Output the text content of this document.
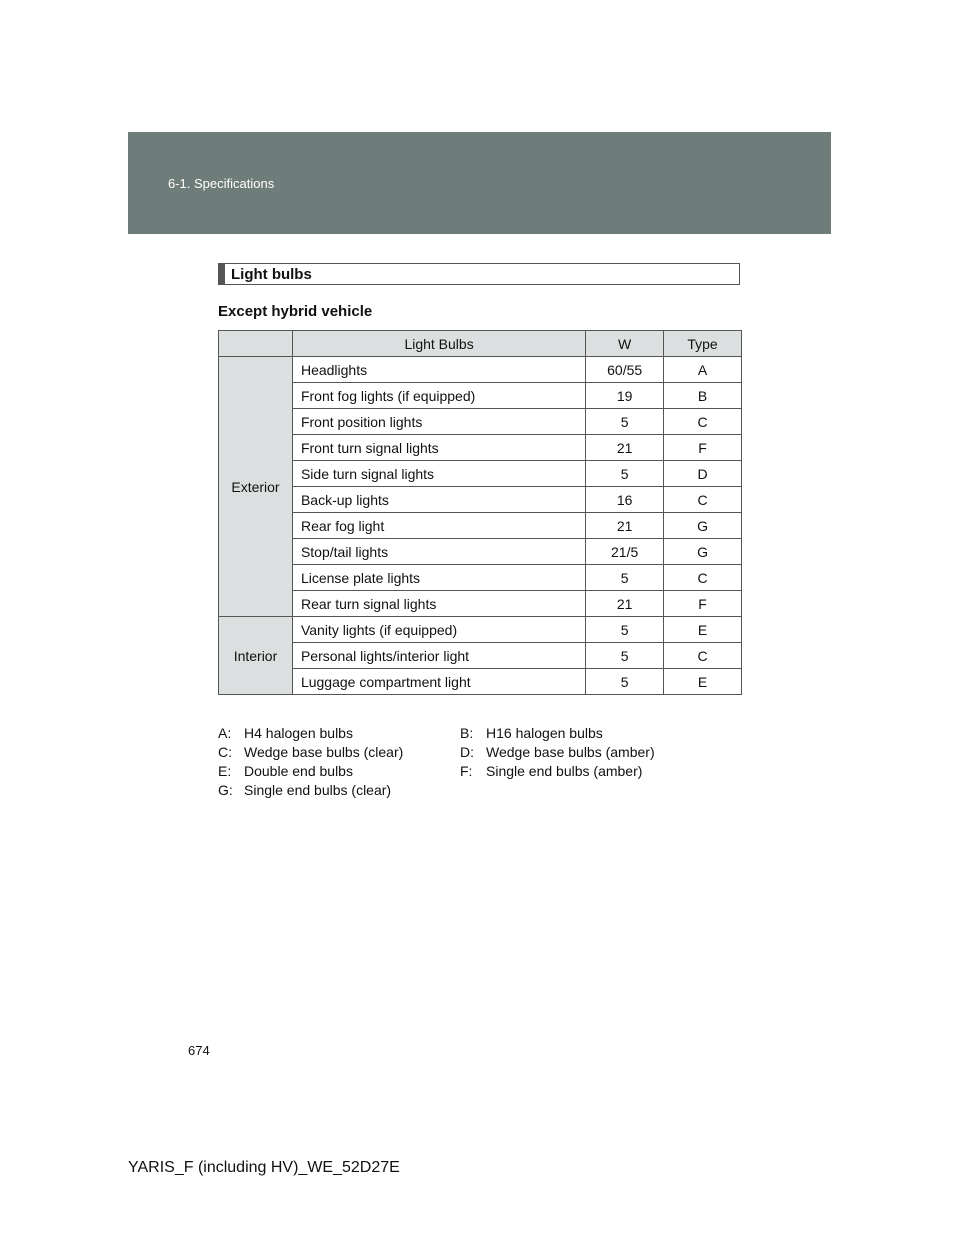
6-1. Specifications
Light bulbs
Except hybrid vehicle
	Light Bulbs	W	Type
Exterior	Headlights	60/55	A
	Front fog lights (if equipped)	19	B
	Front position lights	5	C
	Front turn signal lights	21	F
	Side turn signal lights	5	D
	Back-up lights	16	C
	Rear fog light	21	G
	Stop/tail lights	21/5	G
	License plate lights	5	C
	Rear turn signal lights	21	F
Interior	Vanity lights (if equipped)	5	E
	Personal lights/interior light	5	C
	Luggage compartment light	5	E
A: H4 halogen bulbs	B: H16 halogen bulbs
C: Wedge base bulbs (clear)	D: Wedge base bulbs (amber)
E: Double end bulbs	F: Single end bulbs (amber)
G: Single end bulbs (clear)
674
YARIS_F (including HV)_WE_52D27E
